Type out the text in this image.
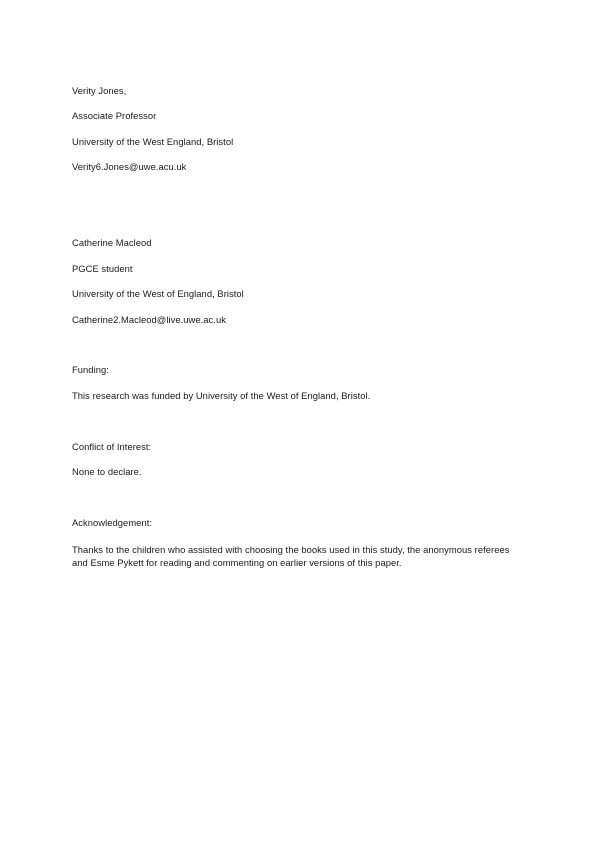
Verity Jones,
Associate Professor
University of the West England, Bristol
Verity6.Jones@uwe.acu.uk
Catherine Macleod
PGCE student
University of the West of England, Bristol
Catherine2.Macleod@live.uwe.ac.uk
Funding:
This research was funded by University of the West of England, Bristol.
Conflict of Interest:
None to declare.
Acknowledgement:
Thanks to the children who assisted with choosing the books used in this study, the anonymous referees and Esme Pykett for reading and commenting on earlier versions of this paper.
